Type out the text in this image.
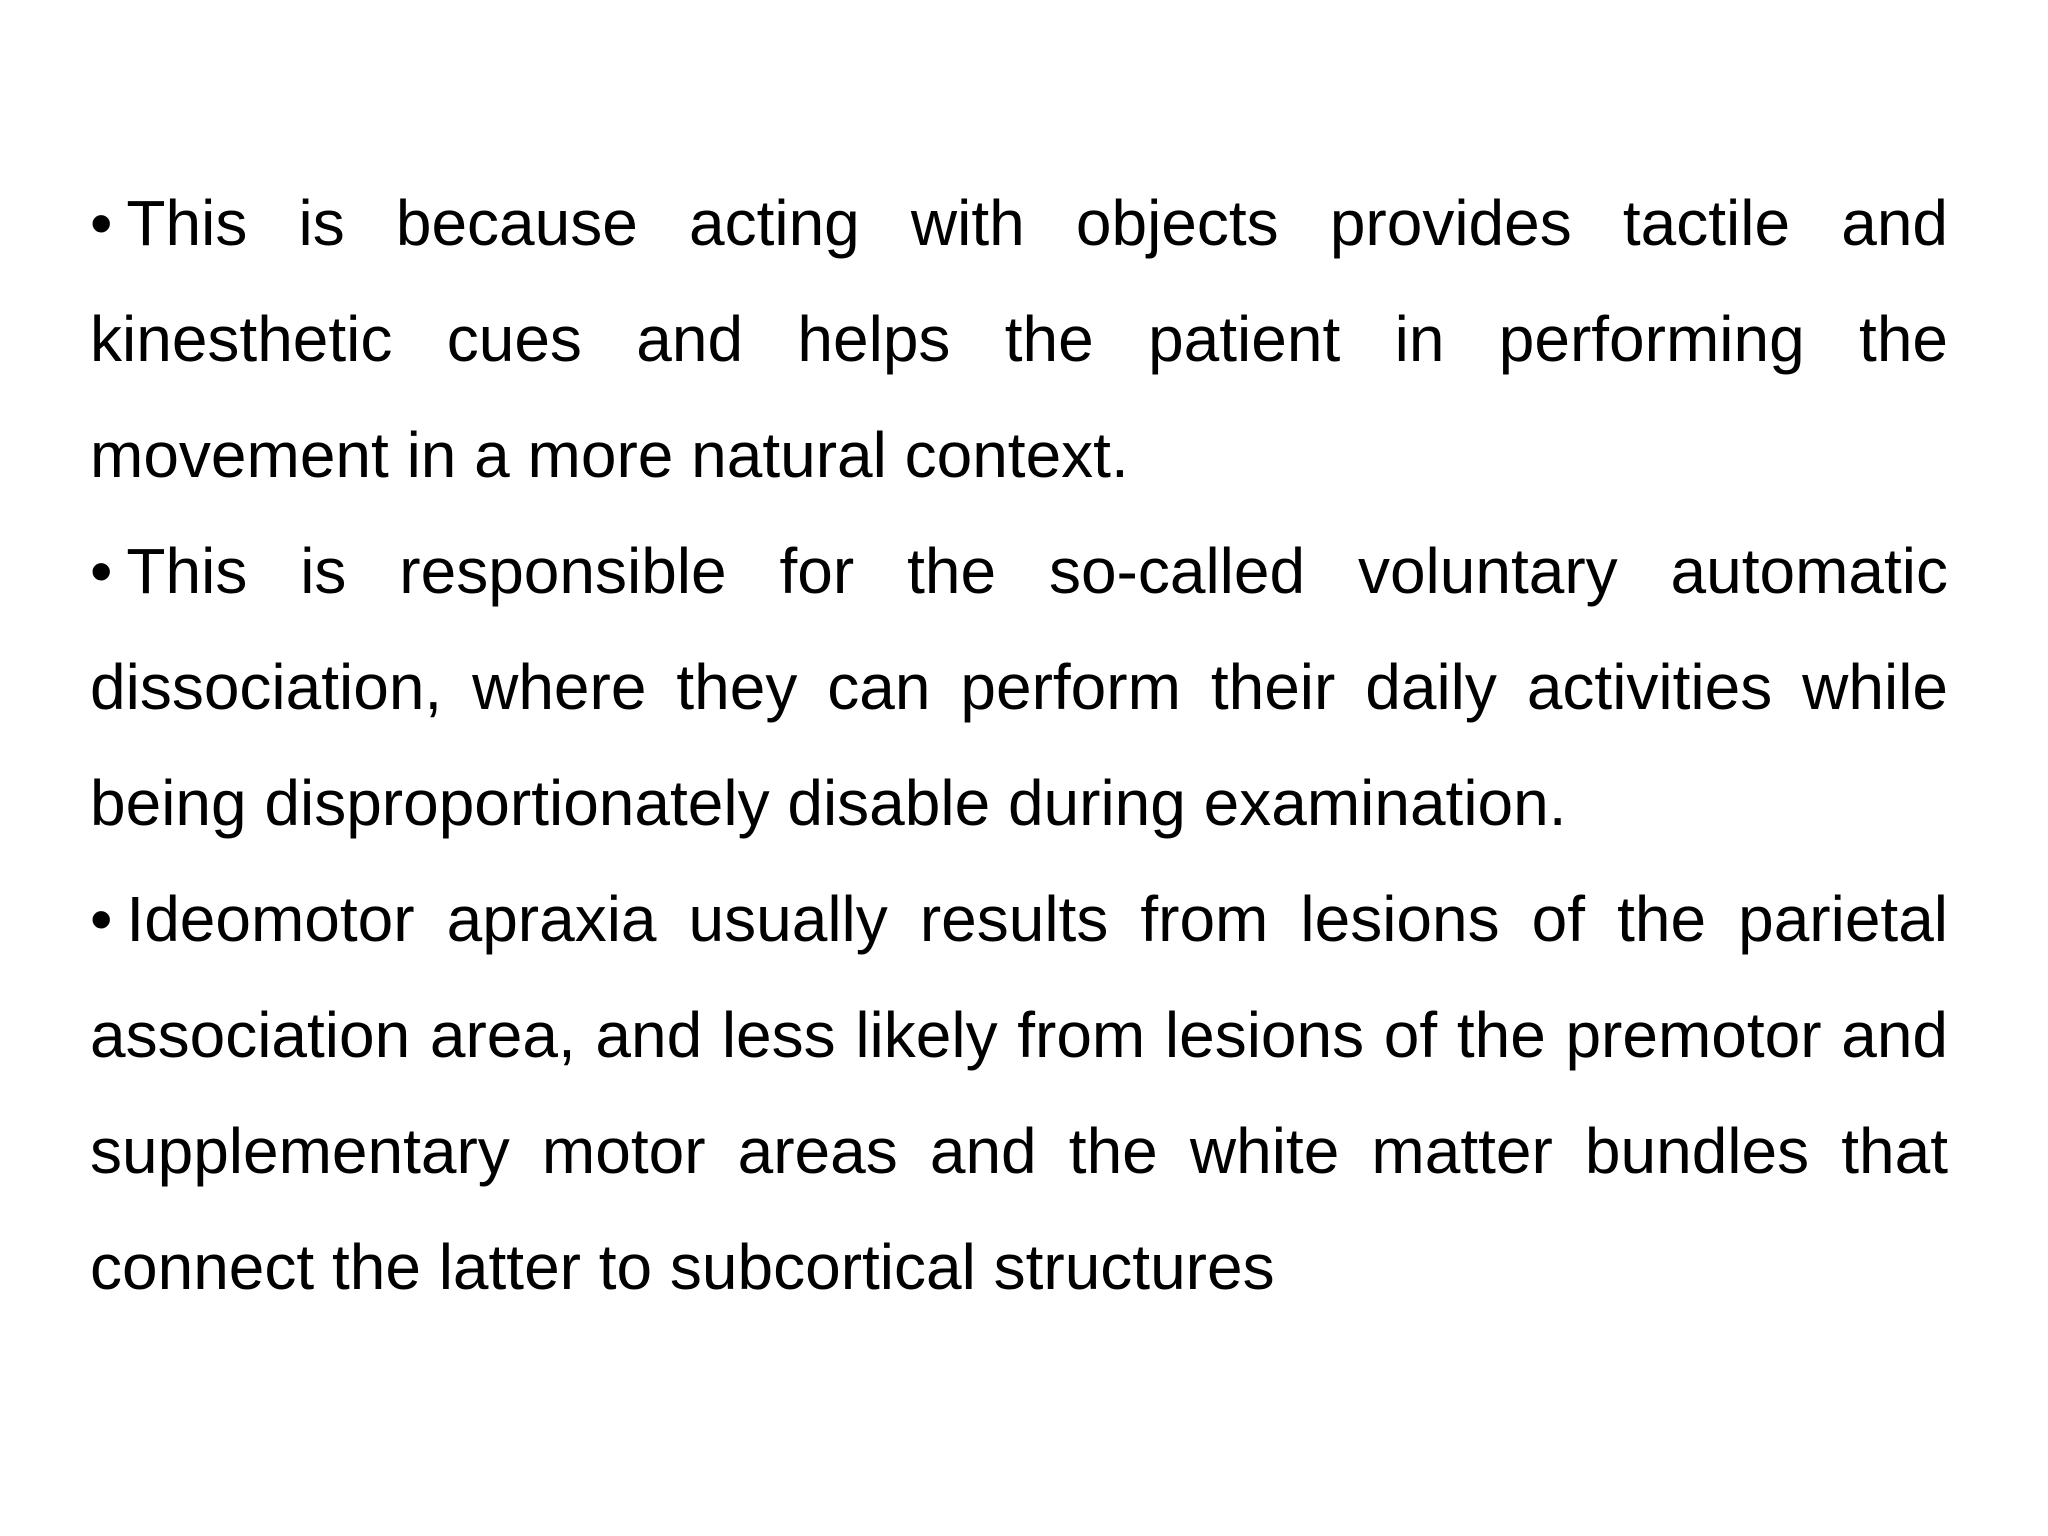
• This is because acting with objects provides tactile and kinesthetic cues and helps the patient in performing the movement in a more natural context.

• This is responsible for the so-called voluntary automatic dissociation, where they can perform their daily activities while being disproportionately disable during examination.

• Ideomotor apraxia usually results from lesions of the parietal association area, and less likely from lesions of the premotor and supplementary motor areas and the white matter bundles that connect the latter to subcortical structures
